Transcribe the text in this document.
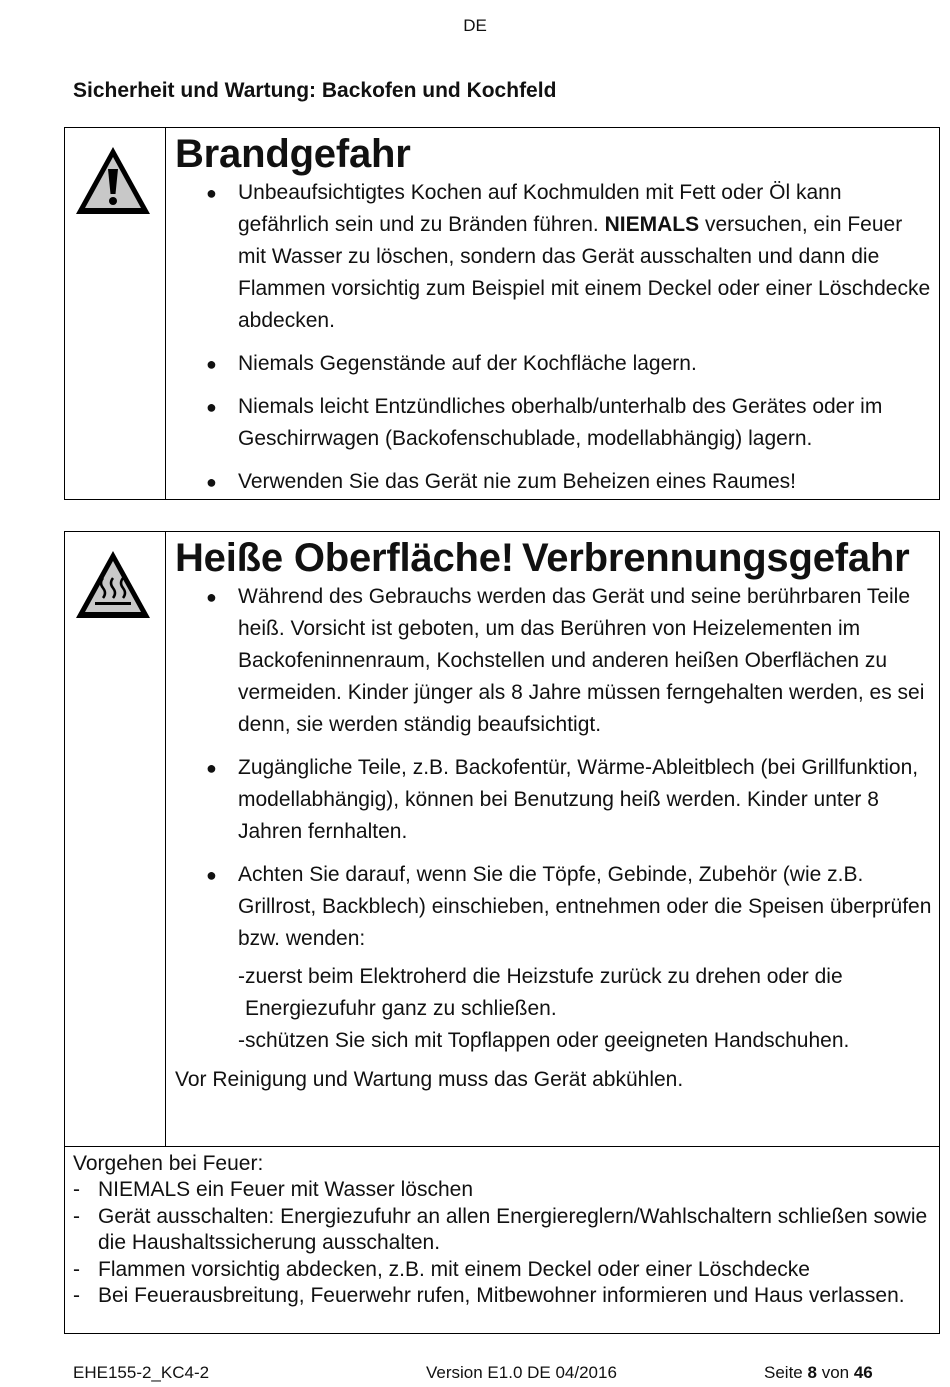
DE
Sicherheit und Wartung: Backofen und Kochfeld
Brandgefahr
● Unbeaufsichtigtes Kochen auf Kochmulden mit Fett oder Öl kann gefährlich sein und zu Bränden führen. NIEMALS versuchen, ein Feuer mit Wasser zu löschen, sondern das Gerät ausschalten und dann die Flammen vorsichtig zum Beispiel mit einem Deckel oder einer Löschdecke abdecken.
● Niemals Gegenstände auf der Kochfläche lagern.
● Niemals leicht Entzündliches oberhalb/unterhalb des Gerätes oder im Geschirrwagen (Backofenschublade, modellabhängig) lagern.
● Verwenden Sie das Gerät nie zum Beheizen eines Raumes!
Heiße Oberfläche! Verbrennungsgefahr
● Während des Gebrauchs werden das Gerät und seine berührbaren Teile heiß. Vorsicht ist geboten, um das Berühren von Heizelementen im Backofeninnenraum, Kochstellen und anderen heißen Oberflächen zu vermeiden. Kinder jünger als 8 Jahre müssen ferngehalten werden, es sei denn, sie werden ständig beaufsichtigt.
● Zugängliche Teile, z.B. Backofentür, Wärme-Ableitblech (bei Grillfunktion, modellabhängig), können bei Benutzung heiß werden. Kinder unter 8 Jahren fernhalten.
● Achten Sie darauf, wenn Sie die Töpfe, Gebinde, Zubehör (wie z.B. Grillrost, Backblech) einschieben, entnehmen oder die Speisen überprüfen bzw. wenden:
-zuerst beim Elektroherd die Heizstufe zurück zu drehen oder die
Energiezufuhr ganz zu schließen.
-schützen Sie sich mit Topflappen oder geeigneten Handschuhen.
Vor Reinigung und Wartung muss das Gerät abkühlen.
Vorgehen bei Feuer:
- NIEMALS ein Feuer mit Wasser löschen
- Gerät ausschalten: Energiezufuhr an allen Energiereglern/Wahlschaltern schließen sowie die Haushaltssicherung ausschalten.
- Flammen vorsichtig abdecken, z.B. mit einem Deckel oder einer Löschdecke
- Bei Feuerausbreitung, Feuerwehr rufen, Mitbewohner informieren und Haus verlassen.
EHE155-2_KC4-2	Version E1.0 DE 04/2016	Seite 8 von 46
